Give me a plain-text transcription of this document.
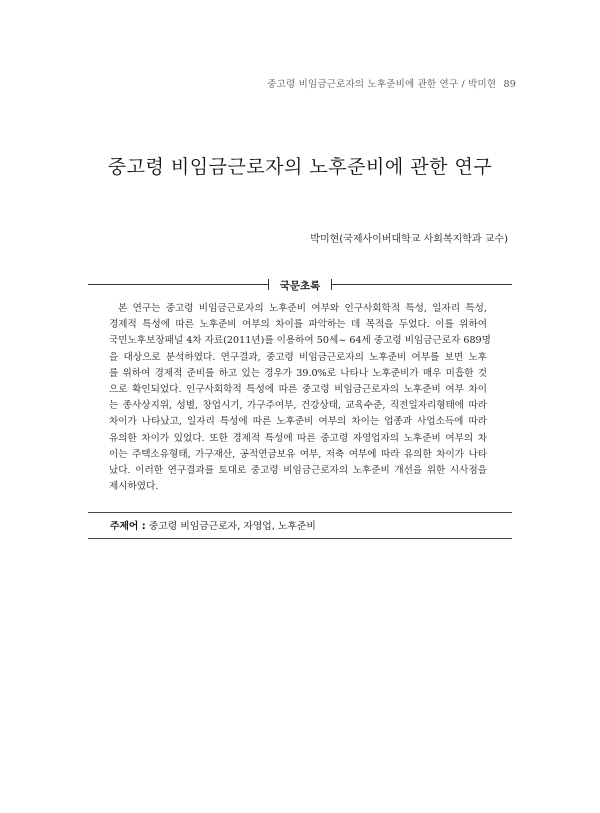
중고령 비임금근로자의 노후준비에 관한 연구 / 박미현 89
중고령 비임금근로자의 노후준비에 관한 연구
박미현(국제사이버대학교 사회복지학과 교수)
국문초록
본 연구는 중고령 비임금근로자의 노후준비 여부와 인구사회학적 특성, 일자리 특성,
경제적 특성에 따른 노후준비 여부의 차이를 파악하는 데 목적을 두었다. 이를 위하여
국민노후보장패널 4차 자료(2011년)를 이용하여 50세~ 64세 중고령 비임금근로자 689명
을 대상으로 분석하였다. 연구결과, 중고령 비임금근로자의 노후준비 여부를 보면 노후
를 위하여 경제적 준비를 하고 있는 경우가 39.0%로 나타나 노후준비가 매우 미흡한 것
으로 확인되었다. 인구사회학적 특성에 따른 중고령 비임금근로자의 노후준비 여부 차이
는 종사상지위, 성별, 창업시기, 가구주여부, 건강상태, 교육수준, 직전일자리형태에 따라
차이가 나타났고, 일자리 특성에 따른 노후준비 여부의 차이는 업종과 사업소득에 따라
유의한 차이가 있었다. 또한 경제적 특성에 따른 중고령 자영업자의 노후준비 여부의 차
이는 주택소유형태, 가구재산, 공적연금보유 여부, 저축 여부에 따라 유의한 차이가 나타
났다. 이러한 연구결과를 토대로 중고령 비임금근로자의 노후준비 개선을 위한 시사점을
제시하였다.
주제어 : 중고령 비임금근로자, 자영업, 노후준비
